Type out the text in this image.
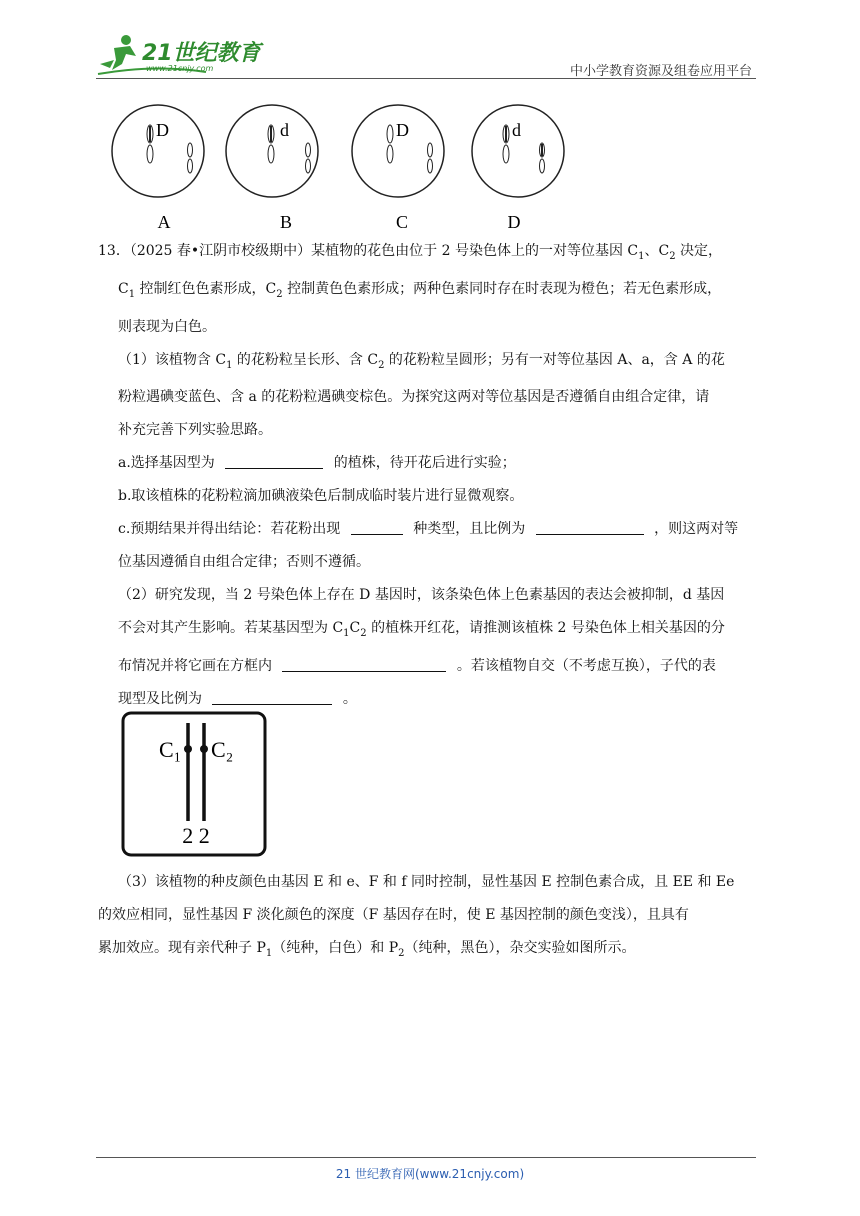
21世纪教育
www.21cnjy.com	中小学教育资源及组卷应用平台
D
A
d
B
D
C
d
D

13．（2025 春•江阴市校级期中）某植物的花色由位于 2 号染色体上的一对等位基因 $C_1$、$C_2$ 决定，

$C_1$ 控制红色色素形成，$C_2$ 控制黄色色素形成；两种色素同时存在时表现为橙色；若无色素形成，

则表现为白色。

（1）该植物含 $C_1$ 的花粉粒呈长形、含 $C_2$ 的花粉粒呈圆形；另有一对等位基因 A、a，含 A 的花

粉粒遇碘变蓝色、含 a 的花粉粒遇碘变棕色。为探究这两对等位基因是否遵循自由组合定律，请

补充完善下列实验思路。

a.选择基因型为	的植株，待开花后进行实验；

b.取该植株的花粉粒滴加碘液染色后制成临时装片进行显微观察。

c.预期结果并得出结论：若花粉出现	种类型，且比例为	，则这两对等

位基因遵循自由组合定律；否则不遵循。

（2）研究发现，当 2 号染色体上存在 D 基因时，该条染色体上色素基因的表达会被抑制，d 基因

不会对其产生影响。若某基因型为 $C_1C_2$ 的植株开红花，请推测该植株 2 号染色体上相关基因的分

布情况并将它画在方框内	。若该植物自交（不考虑互换），子代的表

现型及比例为	。

C₁ C₂
2 2

（3）该植物的种皮颜色由基因 E 和 e、F 和 f 同时控制，显性基因 E 控制色素合成，且 EE 和 Ee

的效应相同，显性基因 F 淡化颜色的深度（F 基因存在时，使 E 基因控制的颜色变浅），且具有

累加效应。现有亲代种子 $P_1$（纯种，白色）和 $P_2$（纯种，黑色），杂交实验如图所示。

21 世纪教育网(www.21cnjy.com)
